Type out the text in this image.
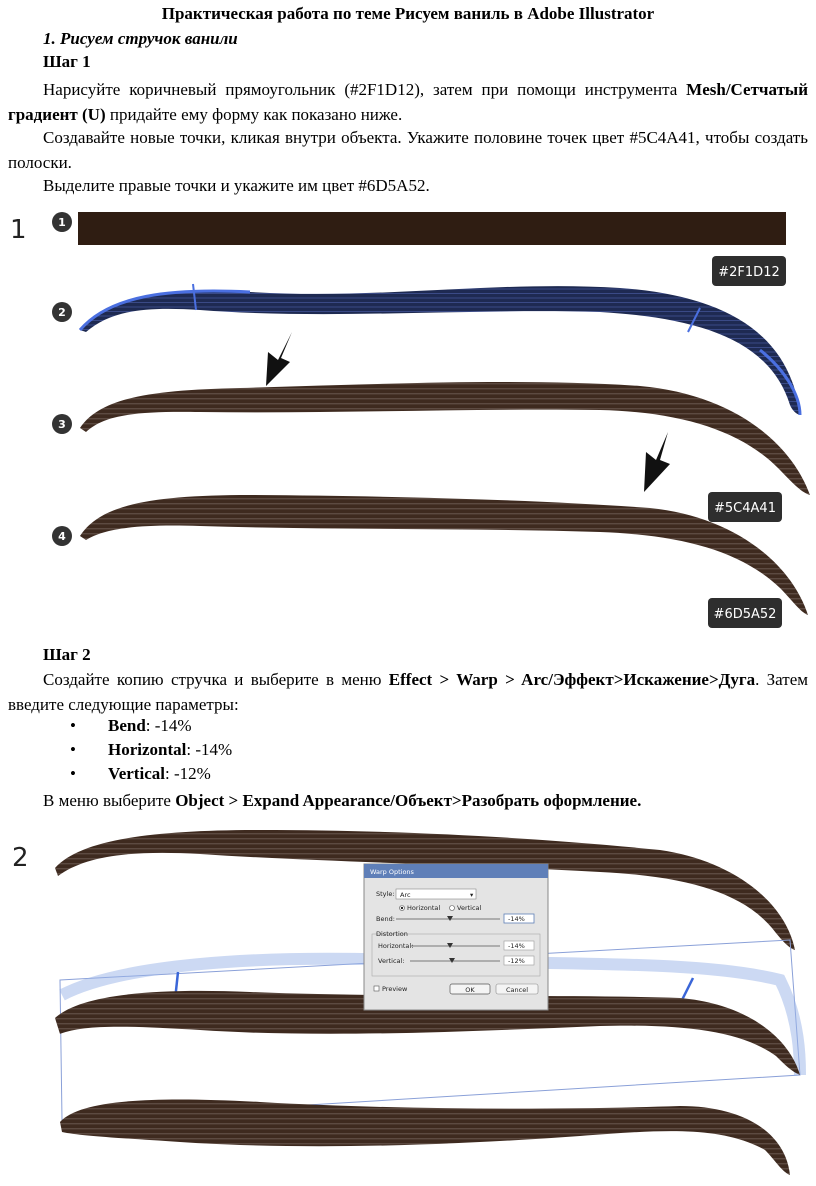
Практическая работа по теме Рисуем ваниль в Adobe Illustrator
1. Рисуем стручок ванили
Шаг 1
Нарисуйте коричневый прямоугольник (#2F1D12), затем при помощи инструмента Mesh/Сетчатый градиент (U) придайте ему форму как показано ниже.
Создавайте новые точки, кликая внутри объекта. Укажите половине точек цвет #5C4A41, чтобы создать полоски.
Выделите правые точки и укажите им цвет #6D5A52.
1	1
2
3
4
#2F1D12
#5C4A41
#6D5A52
Шаг 2
Создайте копию стручка и выберите в меню Effect > Warp > Arc/Эффект>Искажение>Дуга. Затем введите следующие параметры:
• Bend: -14%
• Horizontal: -14%
• Vertical: -12%
В меню выберите Object > Expand Appearance/Объект>Разобрать оформление.
2	Warp Options
Style: Arc	▾
Horizontal	Vertical
Bend:	-14%
Distortion
Horizontal:	-14%
Vertical:	-12%
Preview	OK	Cancel
